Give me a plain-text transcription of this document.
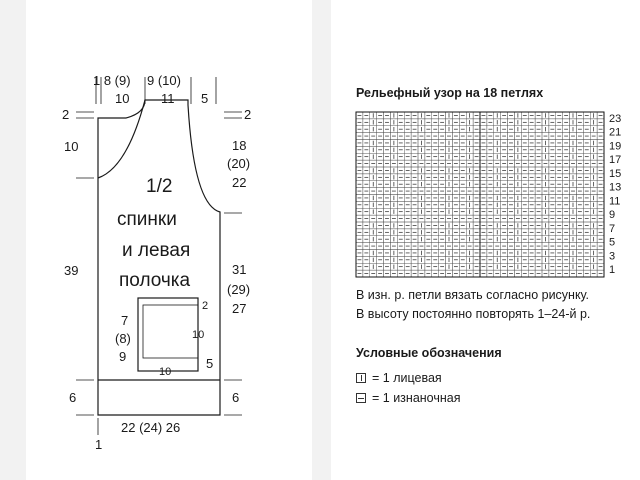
1 8 (9) 9 (10)
10 11 5
2
10
39
6
1
2
18
(20)
22
31
(29)
27
6
22 (24) 26
1/2
спинки
и левая
полочка
7
(8)
9
2
10
5
10
Рельефный узор на 18 петлях
23
21
19
17
15
13
11
9
7
5
3
1
В изн. р. петли вязать согласно рисунку.
В высоту постоянно повторять 1–24-й р.
Условные обозначения
= 1 лицевая
= 1 изнаночная
